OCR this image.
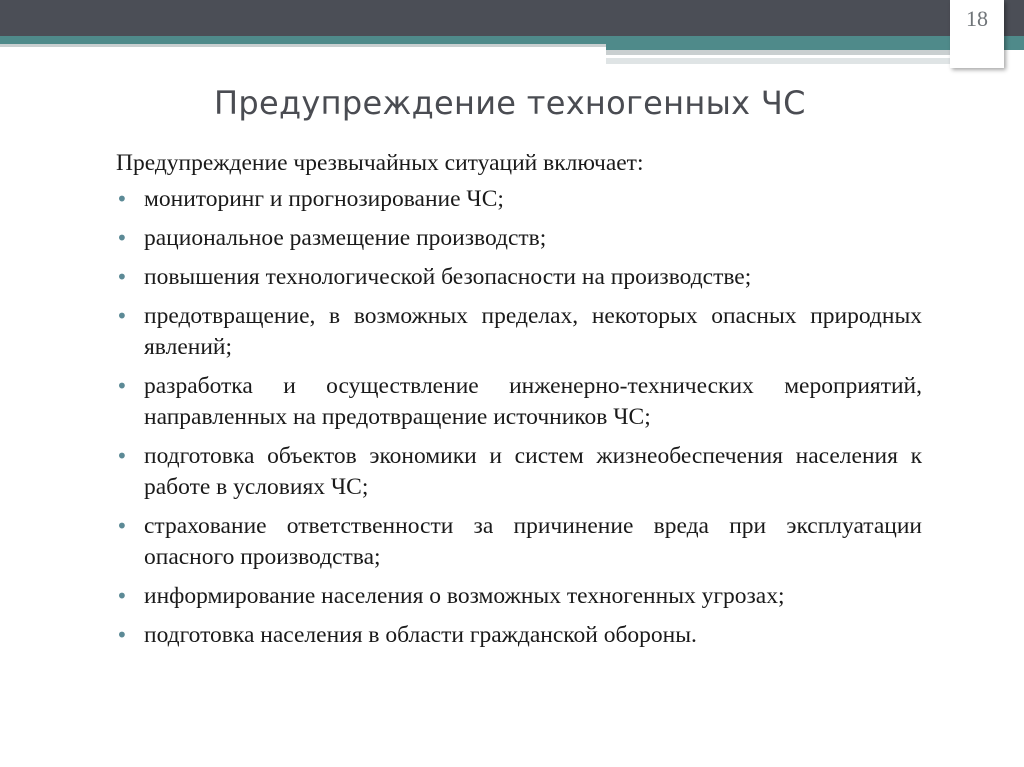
18
Предупреждение техногенных ЧС

Предупреждение чрезвычайных ситуаций включает:

• мониторинг и прогнозирование ЧС;
• рациональное размещение производств;
• повышения технологической безопасности на производстве;
• предотвращение, в возможных пределах, некоторых опасных природных явлений;
• разработка и осуществление инженерно-технических мероприятий, направленных на предотвращение источников ЧС;
• подготовка объектов экономики и систем жизнеобеспечения населения к работе в условиях ЧС;
• страхование ответственности за причинение вреда при эксплуатации опасного производства;
• информирование населения о возможных техногенных угрозах;
• подготовка населения в области гражданской обороны.
